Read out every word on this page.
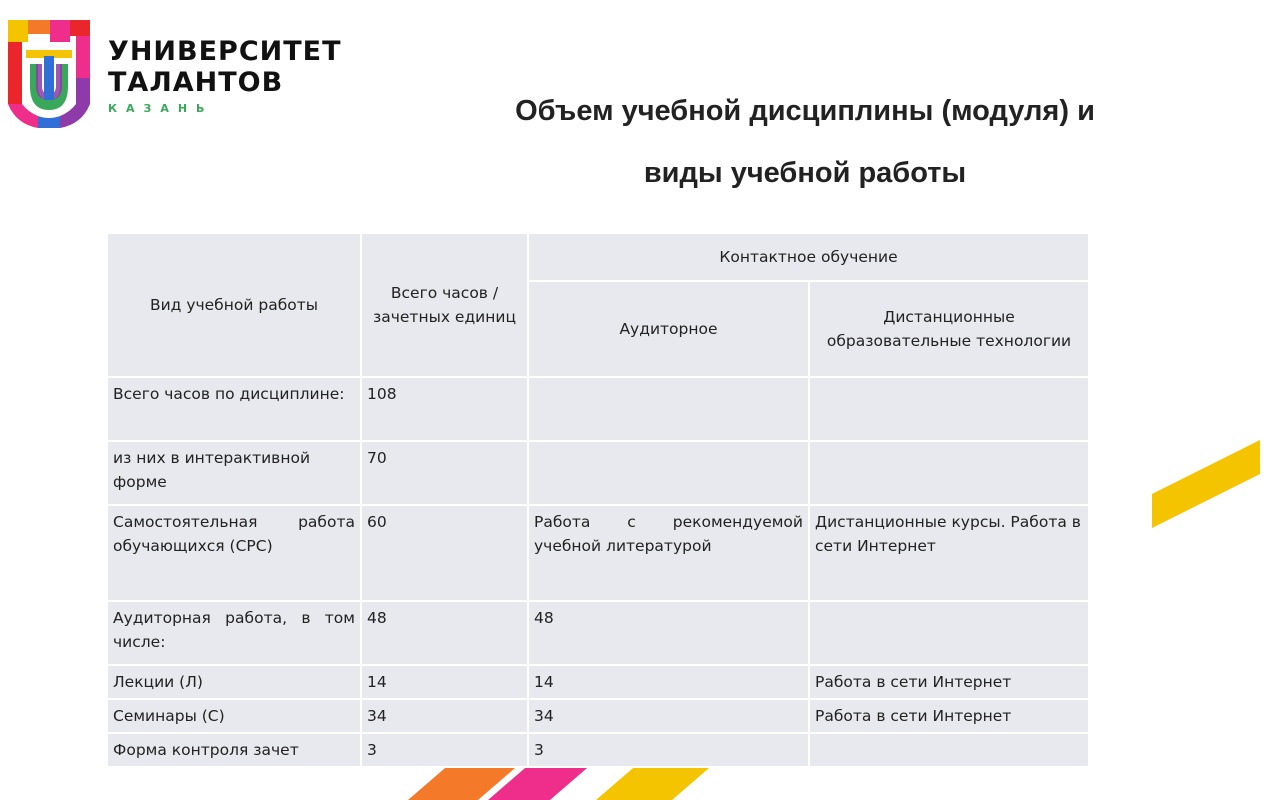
УНИВЕРСИТЕТ
ТАЛАНТОВ
КАЗАНЬ	Объем учебной дисциплины (модуля) и
виды учебной работы
Вид учебной работы	Всего часов / зачетных единиц	Контактное обучение	
		Аудиторное	Дистанционные образовательные технологии
Всего часов по дисциплине:	108		
из них в интерактивной форме	70		
Самостоятельная работа обучающихся (СРС)	60	Работа с рекомендуемой учебной литературой	Дистанционные курсы. Работа в сети Интернет
Аудиторная работа, в том числе:	48	48	
Лекции (Л)	14	14	Работа в сети Интернет
Семинары (С)	34	34	Работа в сети Интернет
Форма контроля зачет	3	3	
